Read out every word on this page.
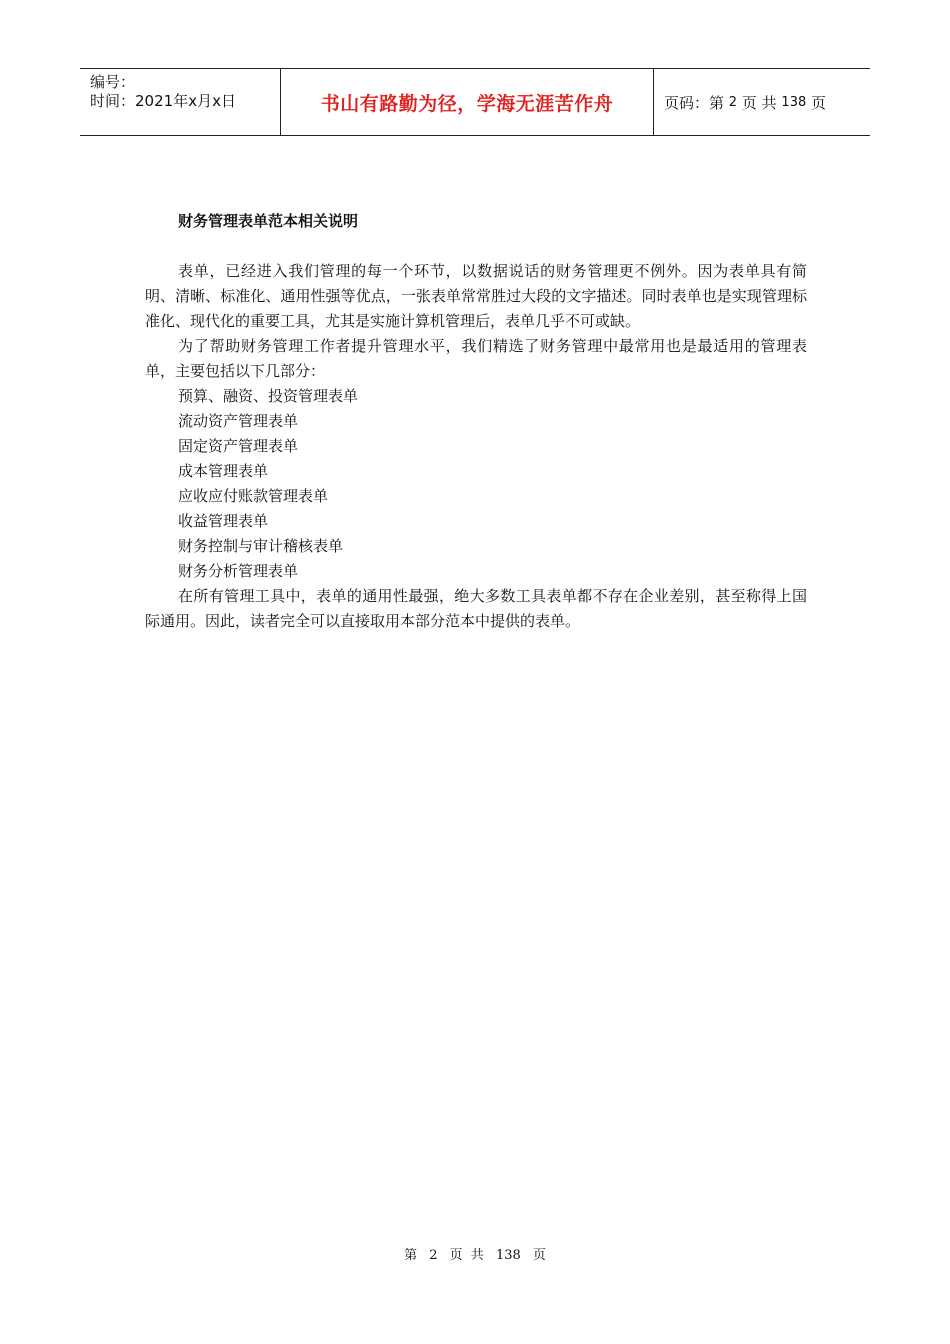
编号：
时间：2021年x月x日	书山有路勤为径，学海无涯苦作舟	页码：第
2
页 共
138
页
财务管理表单范本相关说明

表单，已经进入我们管理的每一个环节，以数据说话的财务管理更不例外。因为表单具有简明、清晰、标准化、通用性强等优点，一张表单常常胜过大段的文字描述。同时表单也是实现管理标准化、现代化的重要工具，尤其是实施计算机管理后，表单几乎不可或缺。

为了帮助财务管理工作者提升管理水平，我们精选了财务管理中最常用也是最适用的管理表单，主要包括以下几部分：

预算、融资、投资管理表单

流动资产管理表单

固定资产管理表单

成本管理表单

应收应付账款管理表单

收益管理表单

财务控制与审计稽核表单

财务分析管理表单

在所有管理工具中，表单的通用性最强，绝大多数工具表单都不存在企业差别，甚至称得上国际通用。因此，读者完全可以直接取用本部分范本中提供的表单。

第 2 页 共 138 页
